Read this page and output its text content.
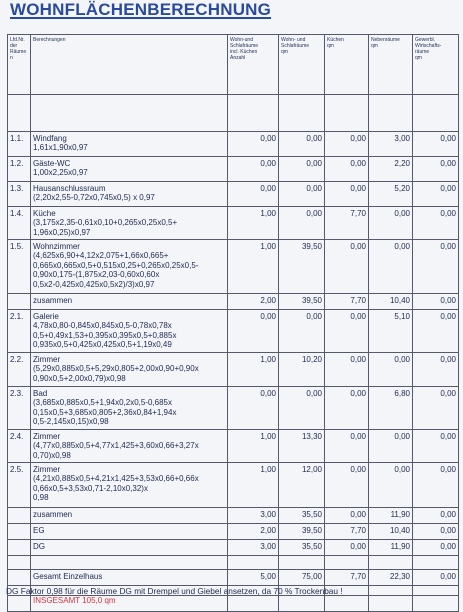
WOHNFLÄCHENBERECHNUNG
Lfd.Nr.
der
Räume
n	Berechnungen	Wohn-und
Schlafräume
incl. Küchen
Anzahl	Wohn- und
Schlafräume
qm	Küchen
qm	Nebenräume
qm	Gewerbl.
Wirtschafts-
räume
qm

1.1.	Windfang
1,61x1,90x0,97	0,00	0,00	0,00	3,00	0,00
1.2.	Gäste-WC
1,00x2,25x0,97	0,00	0,00	0,00	2,20	0,00
1.3.	Hausanschlussraum
(2,20x2,55-0,72x0,745x0,5) x 0,97	0,00	0,00	0,00	5,20	0,00
1.4.	Küche
(3,175x2,35-0,61x0,10+0,265x0,25x0,5+
1,96x0,25)x0,97	1,00	0,00	7,70	0,00	0,00
1.5.	Wohnzimmer
(4,625x6,90+4,12x2,075+1,66x0,665+
0,665x0,665x0,5+0,515x0,25+0,265x0,25x0,5-
0,90x0,175-(1,875x2,03-0,60x0,60x
0,5x2-0,425x0,425x0,5x2)/3)x0,97	1,00	39,50	0,00	0,00	0,00
	zusammen	2,00	39,50	7,70	10,40	0,00
2.1.	Galerie
4,78x0,80-0,845x0,845x0,5-0,78x0,78x
0,5+0,49x1,53+0,395x0,395x0,5+0,885x
0,935x0,5+0,425x0,425x0,5+1,19x0,49	0,00	0,00	0,00	5,10	0,00
2.2.	Zimmer
(5,29x0,885x0,5+5,29x0,805+2,00x0,90+0,90x
0,90x0,5+2,00x0,79)x0,98	1,00	10,20	0,00	0,00	0,00
2.3.	Bad
(3,685x0,885x0,5+1,94x0,2x0,5-0,685x
0,15x0,5+3,685x0,805+2,36x0,84+1,94x
0,5-2,145x0,15)x0,98	0,00	0,00	0,00	6,80	0,00
2.4.	Zimmer
(4,77x0,885x0,5+4,77x1,425+3,60x0,66+3,27x
0,70)x0,98	1,00	13,30	0,00	0,00	0,00
2.5.	Zimmer
(4,21x0,885x0,5+4,21x1,425+3,53x0,66+0,66x
0,66x0,5+3,53x0,71-2,10x0,32)x
0,98	1,00	12,00	0,00	0,00	0,00
	zusammen	3,00	35,50	0,00	11,90	0,00
	EG	2,00	39,50	7,70	10,40	0,00
	DG	3,00	35,50	0,00	11,90	0,00

	Gesamt Einzelhaus	5,00	75,00	7,70	22,30	0,00

	INSGESAMT 105,0 qm					

DG Faktor 0,98 für die Räume DG mit Drempel und Giebel ansetzen, da 70 % Trockenbau !
